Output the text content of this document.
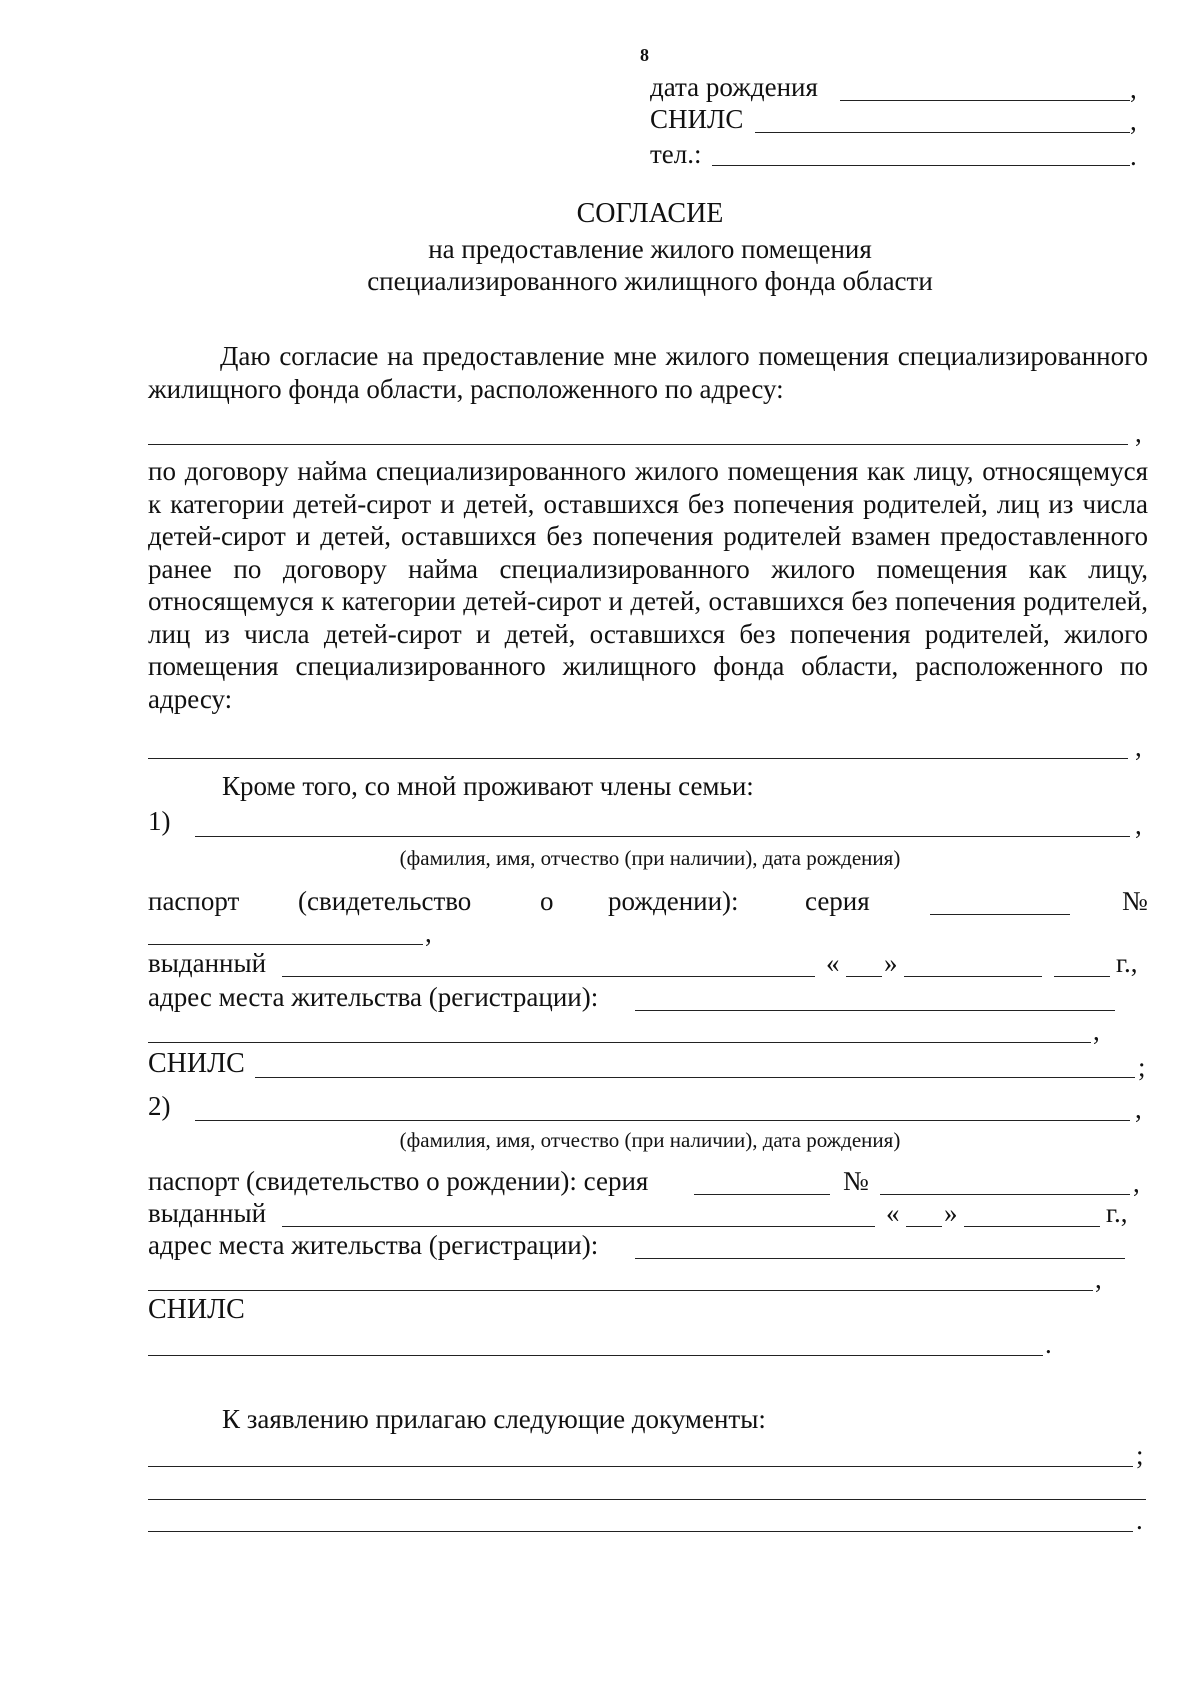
8
дата рождения	,
СНИЛС	,
тел.:	.
СОГЛАСИЕ
на предоставление жилого помещения
специализированного жилищного фонда области
Даю согласие на предоставление мне жилого помещения специализированного жилищного фонда области, расположенного по адресу:
,
по договору найма специализированного жилого помещения как лицу, относящемуся к категории детей-сирот и детей, оставшихся без попечения родителей, лиц из числа детей-сирот и детей, оставшихся без попечения родителей взамен предоставленного ранее по договору найма специализированного жилого помещения как лицу, относящемуся к категории детей-сирот и детей, оставшихся без попечения родителей, лиц из числа детей-сирот и детей, оставшихся без попечения родителей, жилого помещения специализированного жилищного фонда области, расположенного по адресу:
,
Кроме того, со мной проживают члены семьи:
1)	,
(фамилия, имя, отчество (при наличии), дата рождения)
паспорт (свидетельство	о рождении): серия	№
,
выданный	« »	г.,
адрес места жительства (регистрации):
,
СНИЛС	;
2)	,
(фамилия, имя, отчество (при наличии), дата рождения)
паспорт (свидетельство о рождении): серия	№	,
выданный	« »	г.,
адрес места жительства (регистрации):
,
СНИЛС
.
К заявлению прилагаю следующие документы:
;
.
